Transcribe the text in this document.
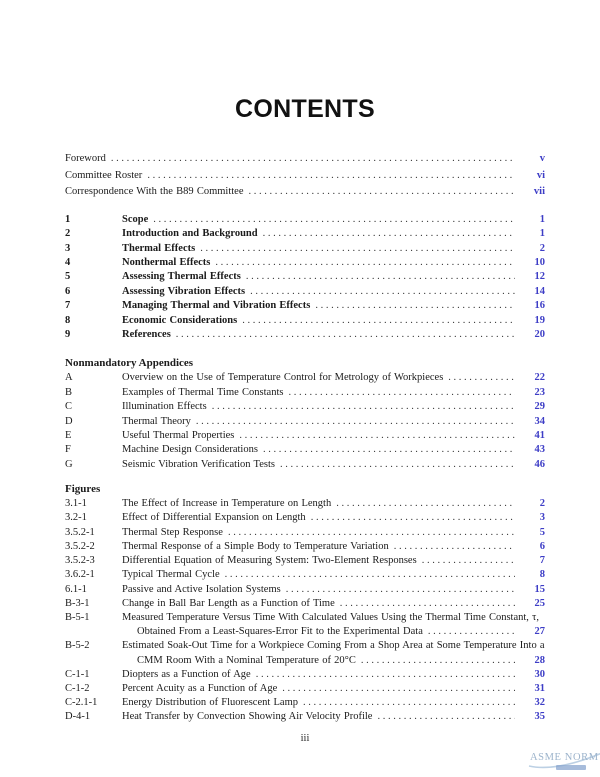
CONTENTS
Foreword . . .	v
Committee Roster . . .	vi
Correspondence With the B89 Committee . . .	vii
1	Scope . . .	1
2	Introduction and Background . . .	1
3	Thermal Effects . . .	2
4	Nonthermal Effects . . .	10
5	Assessing Thermal Effects . . .	12
6	Assessing Vibration Effects . . .	14
7	Managing Thermal and Vibration Effects . . .	16
8	Economic Considerations . . .	19
9	References . . .	20
Nonmandatory Appendices
A	Overview on the Use of Temperature Control for Metrology of Workpieces . . .	22
B	Examples of Thermal Time Constants . . .	23
C	Illumination Effects . . .	29
D	Thermal Theory . . .	34
E	Useful Thermal Properties . . .	41
F	Machine Design Considerations . . .	43
G	Seismic Vibration Verification Tests . . .	46
Figures
3.1-1	The Effect of Increase in Temperature on Length . . .	2
3.2-1	Effect of Differential Expansion on Length . . .	3
3.5.2-1	Thermal Step Response . . .	5
3.5.2-2	Thermal Response of a Simple Body to Temperature Variation . . .	6
3.5.2-3	Differential Equation of Measuring System: Two-Element Responses . . .	7
3.6.2-1	Typical Thermal Cycle . . .	8
6.1-1	Passive and Active Isolation Systems . . .	15
B-3-1	Change in Ball Bar Length as a Function of Time . . .	25
B-5-1	Measured Temperature Versus Time With Calculated Values Using the Thermal Time Constant, τ,
Obtained From a Least-Squares-Error Fit to the Experimental Data . . .	27
B-5-2	Estimated Soak-Out Time for a Workpiece Coming From a Shop Area at Some Temperature Into a
CMM Room With a Nominal Temperature of 20°C . . .	28
C-1-1	Diopters as a Function of Age . . .	30
C-1-2	Percent Acuity as a Function of Age . . .	31
C-2.1-1	Energy Distribution of Fluorescent Lamp . . .	32
D-4-1	Heat Transfer by Convection Showing Air Velocity Profile . . .	35
iii
ASME NORM
